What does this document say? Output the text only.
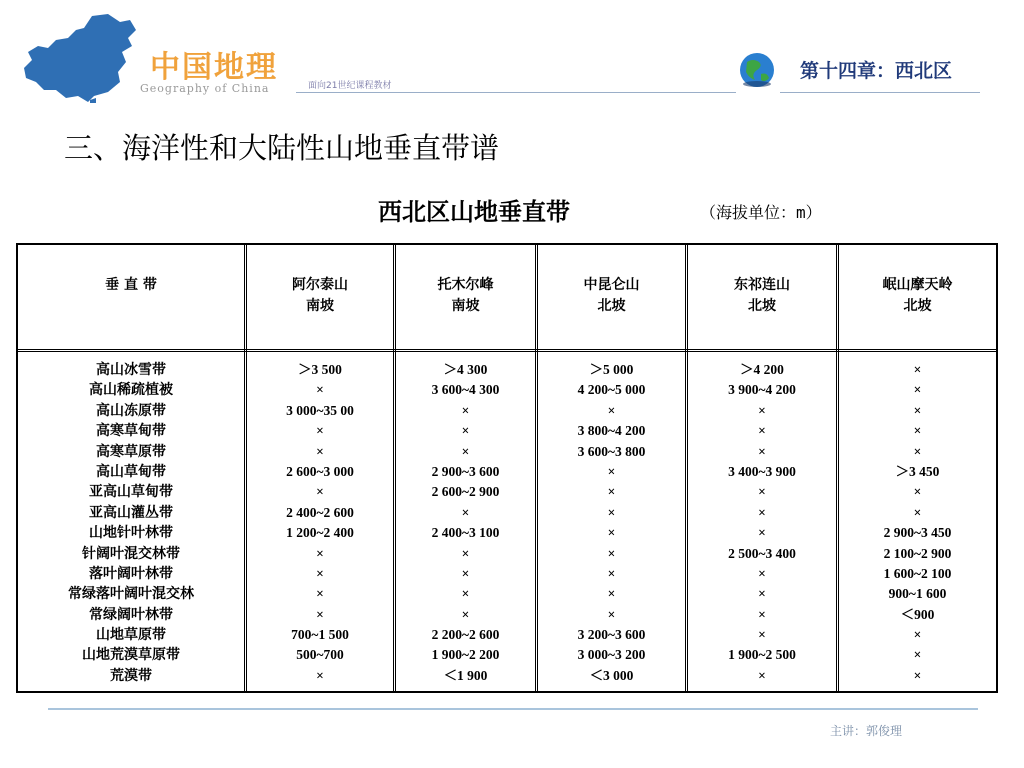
中国地理
Geography of China	面向21世纪课程教材
第十四章：西北区
三、海洋性和大陆性山地垂直带谱
西北区山地垂直带	（海拔单位：m）
垂 直 带
高山冰雪带
高山稀疏植被
高山冻原带
高寒草甸带
高寒草原带
高山草甸带
亚高山草甸带
亚高山灌丛带
山地针叶林带
针阔叶混交林带
落叶阔叶林带
常绿落叶阔叶混交林
常绿阔叶林带
山地草原带
山地荒漠草原带
荒漠带
阿尔泰山
南坡
＞3 500
×
3 000~35 00
×
×
2 600~3 000
×
2 400~2 600
1 200~2 400
×
×
×
×
700~1 500
500~700
×
托木尔峰
南坡
＞4 300
3 600~4 300
×
×
×
2 900~3 600
2 600~2 900
×
2 400~3 100
×
×
×
×
2 200~2 600
1 900~2 200
＜1 900
中昆仑山
北坡
＞5 000
4 200~5 000
×
3 800~4 200
3 600~3 800
×
×
×
×
×
×
×
×
3 200~3 600
3 000~3 200
＜3 000
东祁连山
北坡
＞4 200
3 900~4 200
×
×
×
3 400~3 900
×
×
×
2 500~3 400
×
×
×
×
1 900~2 500
×
岷山摩天岭
北坡
×
×
×
×
×
＞3 450
×
×
2 900~3 450
2 100~2 900
1 600~2 100
900~1 600
＜900
×
×
×
主讲：郭俊理
